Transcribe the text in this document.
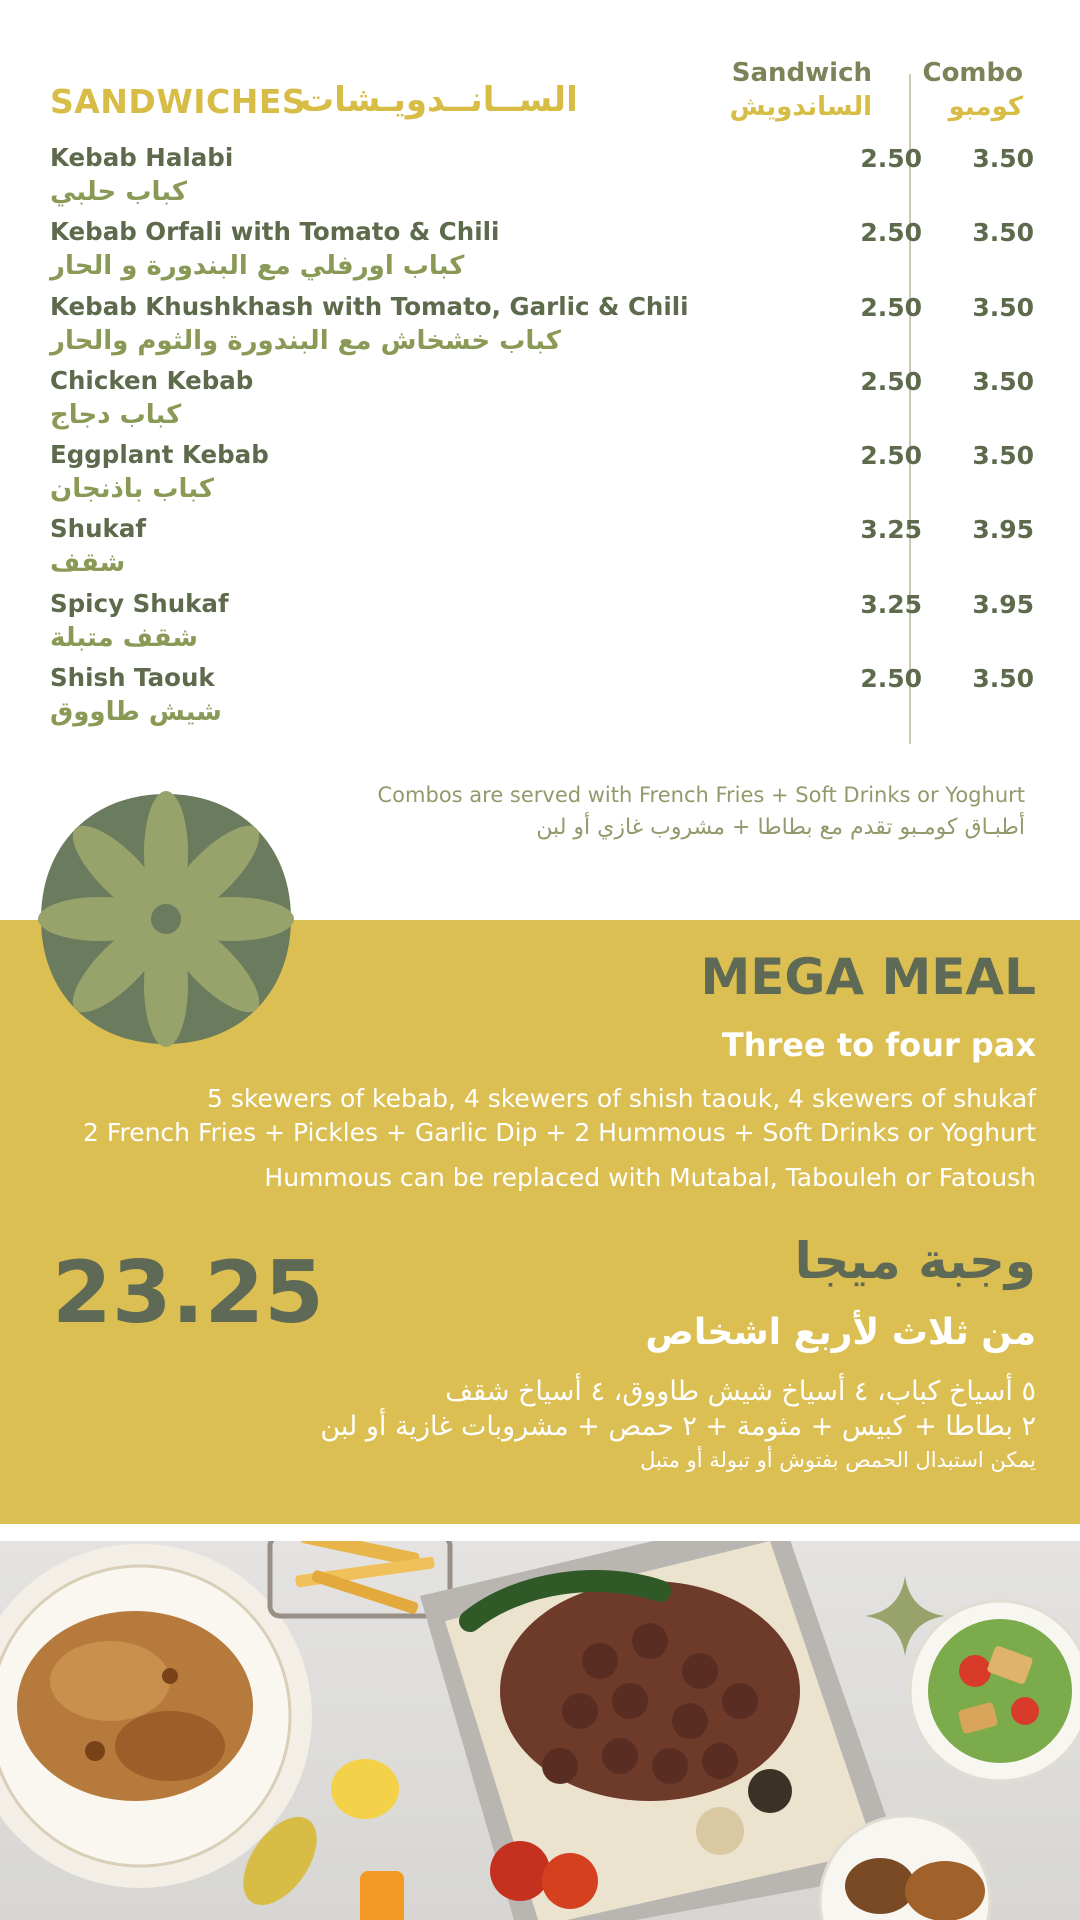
SANDWICHES
الســانــدويـشات
Sandwich
الساندويش
Combo
كومبو
Kebab Halabi
كباب حلبي
2.50 3.50
Kebab Orfali with Tomato & Chili
كباب اورفلي مع البندورة و الحار
2.50 3.50
Kebab Khushkhash with Tomato, Garlic & Chili
كباب خشخاش مع البندورة والثوم والحار
2.50 3.50
Chicken Kebab
كباب دجاج
2.50 3.50
Eggplant Kebab
كباب باذنجان
2.50 3.50
Shukaf
شقف
3.25 3.95
Spicy Shukaf
شقف متبلة
3.25 3.95
Shish Taouk
شيش طاووق
2.50 3.50
Combos are served with French Fries + Soft Drinks or Yoghurt
أطبـاق كومـبو تقدم مع بطاطا + مشروب غازي أو لبن
MEGA MEAL
Three to four pax
5 skewers of kebab, 4 skewers of shish taouk, 4 skewers of shukaf
2 French Fries + Pickles + Garlic Dip + 2 Hummous + Soft Drinks or Yoghurt
Hummous can be replaced with Mutabal, Tabouleh or Fatoush
23.25	وجبة ميجا
من ثلاث لأربع اشخاص
٥ أسياخ كباب، ٤ أسياخ شيش طاووق، ٤ أسياخ شقف
٢ بطاطا + كبيس + مثومة + ٢ حمص + مشروبات غازية أو لبن
يمكن استبدال الحمص بفتوش أو تبولة أو متبل
